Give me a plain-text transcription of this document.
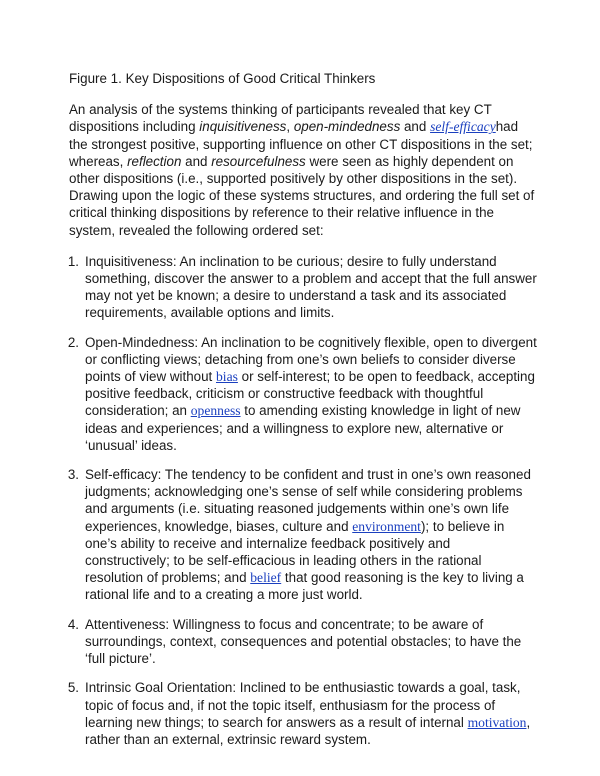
Figure 1. Key Dispositions of Good Critical Thinkers

An analysis of the systems thinking of participants revealed that key CT dispositions including inquisitiveness, open-mindedness and self-efficacyhad the strongest positive, supporting influence on other CT dispositions in the set; whereas, reflection and resourcefulness were seen as highly dependent on other dispositions (i.e., supported positively by other dispositions in the set). Drawing upon the logic of these systems structures, and ordering the full set of critical thinking dispositions by reference to their relative influence in the system, revealed the following ordered set:

1. Inquisitiveness: An inclination to be curious; desire to fully understand something, discover the answer to a problem and accept that the full answer may not yet be known; a desire to understand a task and its associated requirements, available options and limits.
2. Open-Mindedness: An inclination to be cognitively flexible, open to divergent or conflicting views; detaching from one’s own beliefs to consider diverse points of view without bias or self-interest; to be open to feedback, accepting positive feedback, criticism or constructive feedback with thoughtful consideration; an openness to amending existing knowledge in light of new ideas and experiences; and a willingness to explore new, alternative or ‘unusual’ ideas.
3. Self-efficacy: The tendency to be confident and trust in one’s own reasoned judgments; acknowledging one’s sense of self while considering problems and arguments (i.e. situating reasoned judgements within one’s own life experiences, knowledge, biases, culture and environment); to believe in one’s ability to receive and internalize feedback positively and constructively; to be self-efficacious in leading others in the rational resolution of problems; and belief that good reasoning is the key to living a rational life and to a creating a more just world.
4. Attentiveness: Willingness to focus and concentrate; to be aware of surroundings, context, consequences and potential obstacles; to have the ‘full picture’.
5. Intrinsic Goal Orientation: Inclined to be enthusiastic towards a goal, task, topic of focus and, if not the topic itself, enthusiasm for the process of learning new things; to search for answers as a result of internal motivation, rather than an external, extrinsic reward system.
